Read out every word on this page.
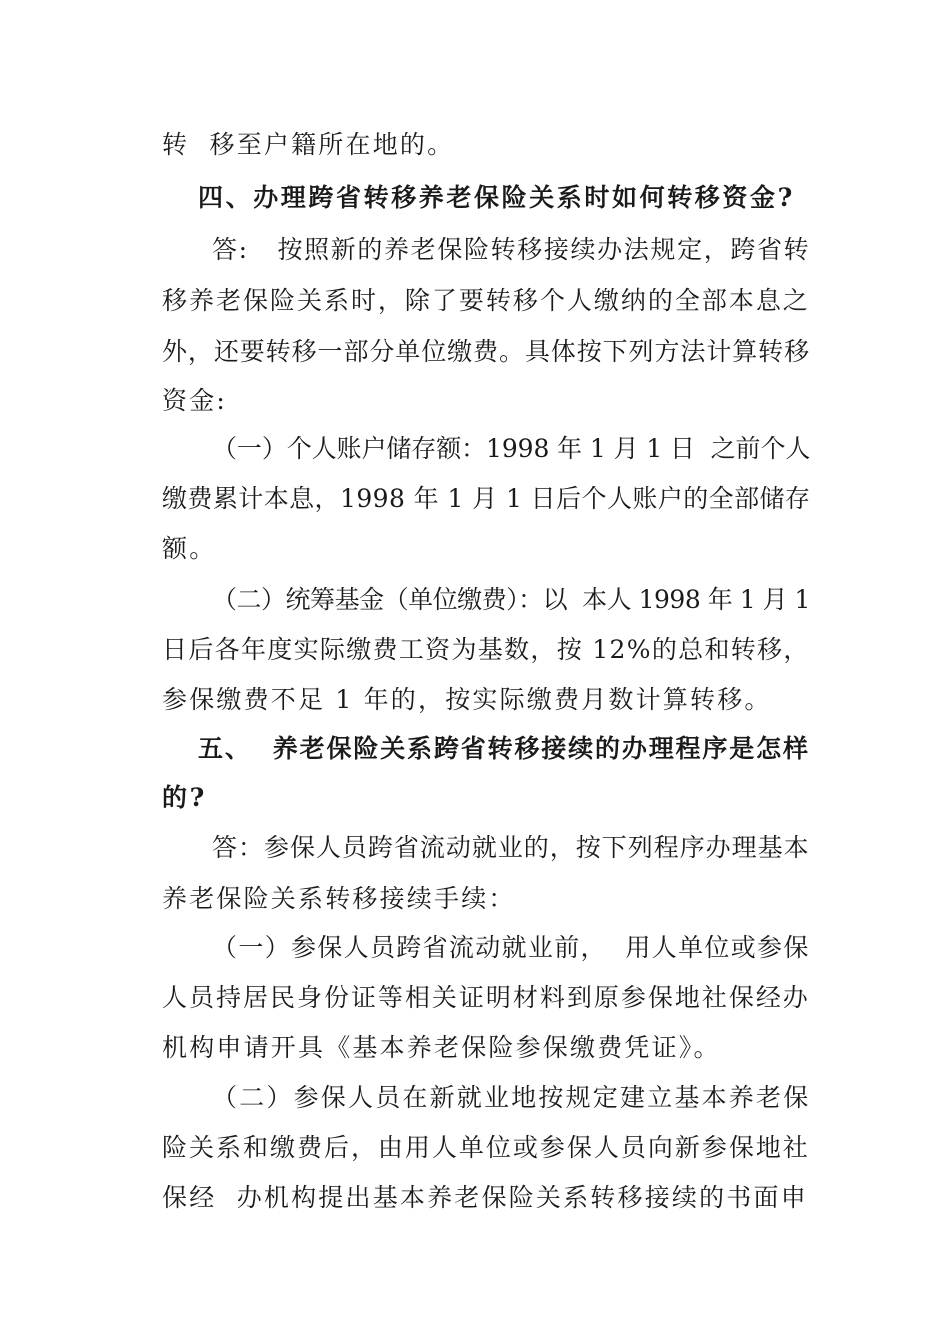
转  移至户籍所在地的。
四、办理跨省转移养老保险关系时如何转移资金?
答:   按照新的养老保险转移接续办法规定，跨省转
移养老保险关系时，除了要转移个人缴纳的全部本息之
外，还要转移一部分单位缴费。具体按下列方法计算转移
资金:
（一）个人账户储存额：1998 年 1 月 1 日  之前个人
缴费累计本息，1998 年 1 月 1 日后个人账户的全部储存
额。
（二）统筹基金（单位缴费）：以  本人 1998 年 1 月 1
日后各年度实际缴费工资为基数，按 12%的总和转移，
参保缴费不足 1 年的，按实际缴费月数计算转移。
五、  养老保险关系跨省转移接续的办理程序是怎样
的?
答：参保人员跨省流动就业的，按下列程序办理基本
养老保险关系转移接续手续：
（一）参保人员跨省流动就业前，  用人单位或参保
人员持居民身份证等相关证明材料到原参保地社保经办
机构申请开具《基本养老保险参保缴费凭证》。
（二）参保人员在新就业地按规定建立基本养老保
险关系和缴费后，由用人单位或参保人员向新参保地社
保经  办机构提出基本养老保险关系转移接续的书面申
